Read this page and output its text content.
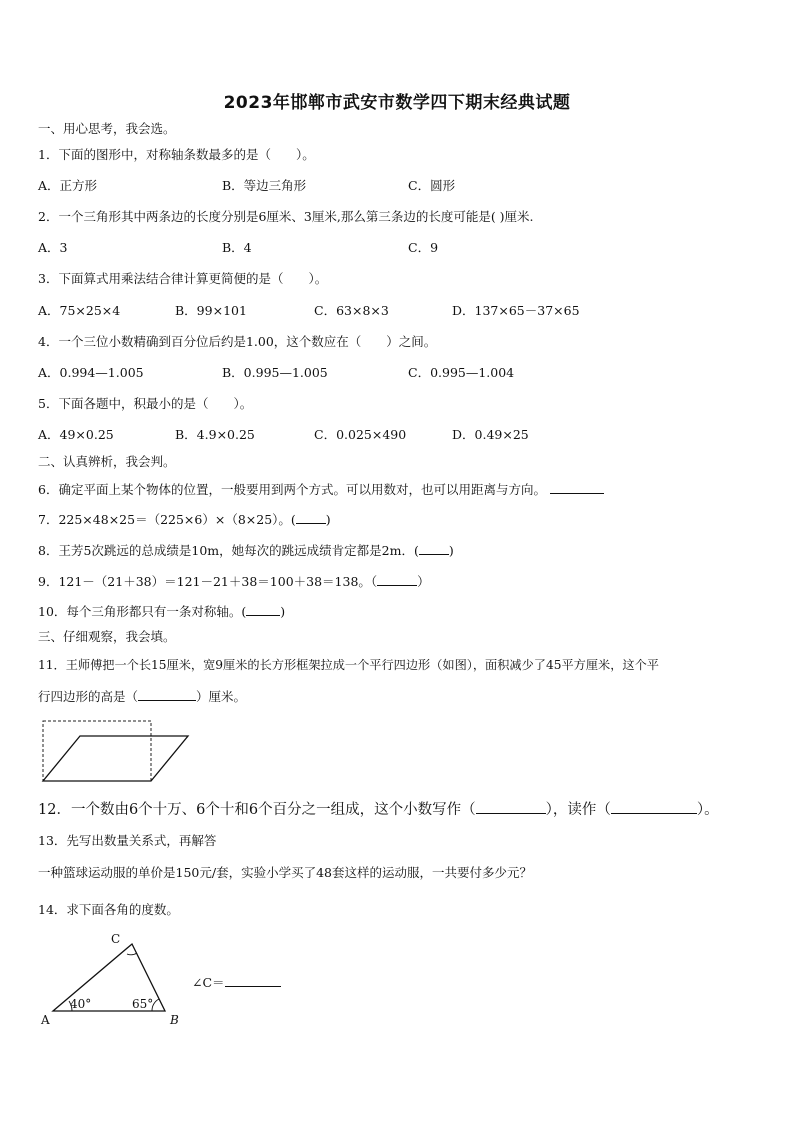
2023年邯郸市武安市数学四下期末经典试题
一、用心思考，我会选。
1．下面的图形中，对称轴条数最多的是（　　）。
A．正方形	B．等边三角形	C．圆形
2．一个三角形其中两条边的长度分别是6厘米、3厘米,那么第三条边的长度可能是( )厘米.
A．3	B．4	C．9
3．下面算式用乘法结合律计算更简便的是（　　）。
A．75×25×4	B．99×101	C．63×8×3	D．137×65－37×65
4．一个三位小数精确到百分位后约是1.00，这个数应在（　　）之间。
A．0.994—1.005	B．0.995—1.005	C．0.995—1.004
5．下面各题中，积最小的是（　　）。
A．49×0.25	B．4.9×0.25	C．0.025×490	D．0.49×25
二、认真辨析，我会判。
6．确定平面上某个物体的位置，一般要用到两个方式。可以用数对，也可以用距离与方向。
7．225×48×25＝（225×6）×（8×25）。( )
8．王芳5次跳远的总成绩是10m，她每次的跳远成绩肯定都是2m．( )
9．121－（21＋38）＝121－21＋38＝100＋38＝138。（	）
10．每个三角形都只有一条对称轴。(	)
三、仔细观察，我会填。
11．王师傅把一个长15厘米，宽9厘米的长方形框架拉成一个平行四边形（如图），面积减少了45平方厘米，这个平
行四边形的高是（	）厘米。
12．一个数由6个十万、6个十和6个百分之一组成，这个小数写作（	），读作（	）。
13．先写出数量关系式，再解答
一种篮球运动服的单价是150元/套，实验小学买了48套这样的运动服，一共要付多少元？
14．求下面各角的度数。
A	B
C
40°	65°
∠C＝
